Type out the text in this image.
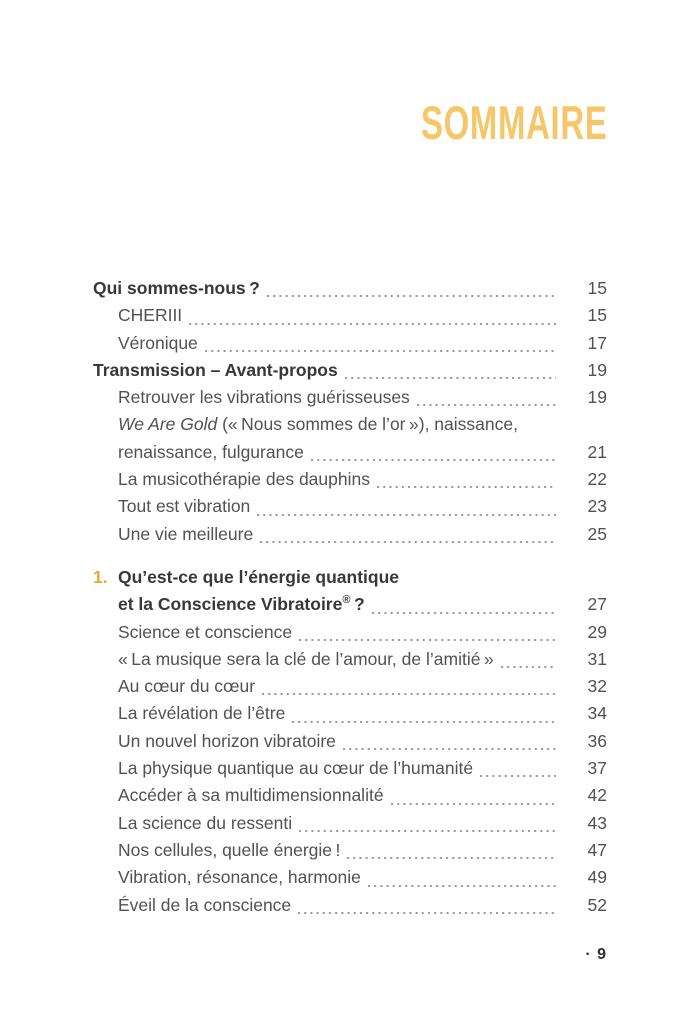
SOMMAIRE
Qui sommes-nous ?	15
CHERIII	15
Véronique	17
Transmission – Avant-propos	19
Retrouver les vibrations guérisseuses	19
We Are Gold (« Nous sommes de l’or »), naissance,
renaissance, fulgurance	21
La musicothérapie des dauphins	22
Tout est vibration	23
Une vie meilleure	25
1. Qu’est-ce que l’énergie quantique
et la Conscience Vibratoire® ?	27
Science et conscience	29
« La musique sera la clé de l’amour, de l’amitié »	31
Au cœur du cœur	32
La révélation de l’être	34
Un nouvel horizon vibratoire	36
La physique quantique au cœur de l’humanité	37
Accéder à sa multidimensionnalité	42
La science du ressenti	43
Nos cellules, quelle énergie !	47
Vibration, résonance, harmonie	49
Éveil de la conscience	52
· 9
